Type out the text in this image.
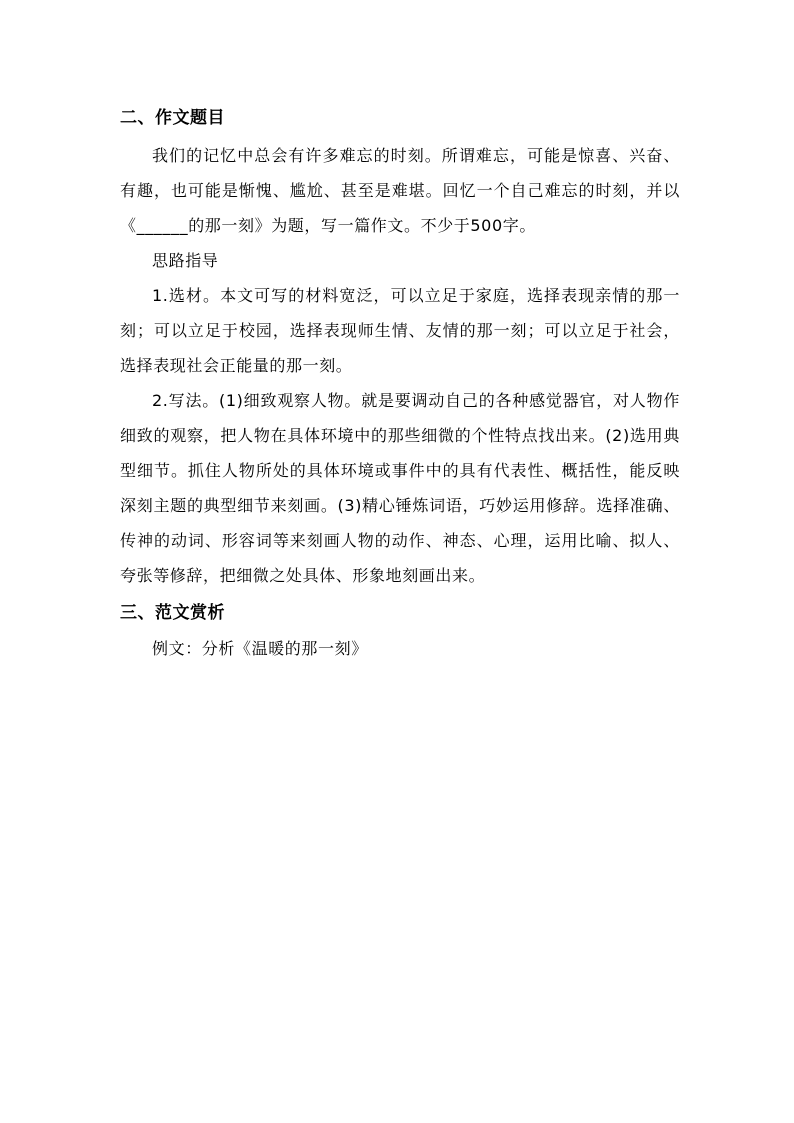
二、作文题目

我们的记忆中总会有许多难忘的时刻。所谓难忘，可能是惊喜、兴奋、有趣，也可能是惭愧、尴尬、甚至是难堪。回忆一个自己难忘的时刻，并以《______的那一刻》为题，写一篇作文。不少于500字。

思路指导

1.选材。本文可写的材料宽泛，可以立足于家庭，选择表现亲情的那一刻；可以立足于校园，选择表现师生情、友情的那一刻；可以立足于社会，选择表现社会正能量的那一刻。

2.写法。(1)细致观察人物。就是要调动自己的各种感觉器官，对人物作细致的观察，把人物在具体环境中的那些细微的个性特点找出来。(2)选用典型细节。抓住人物所处的具体环境或事件中的具有代表性、概括性，能反映深刻主题的典型细节来刻画。(3)精心锤炼词语，巧妙运用修辞。选择准确、传神的动词、形容词等来刻画人物的动作、神态、心理，运用比喻、拟人、夸张等修辞，把细微之处具体、形象地刻画出来。

三、范文赏析

例文：分析《温暖的那一刻》
